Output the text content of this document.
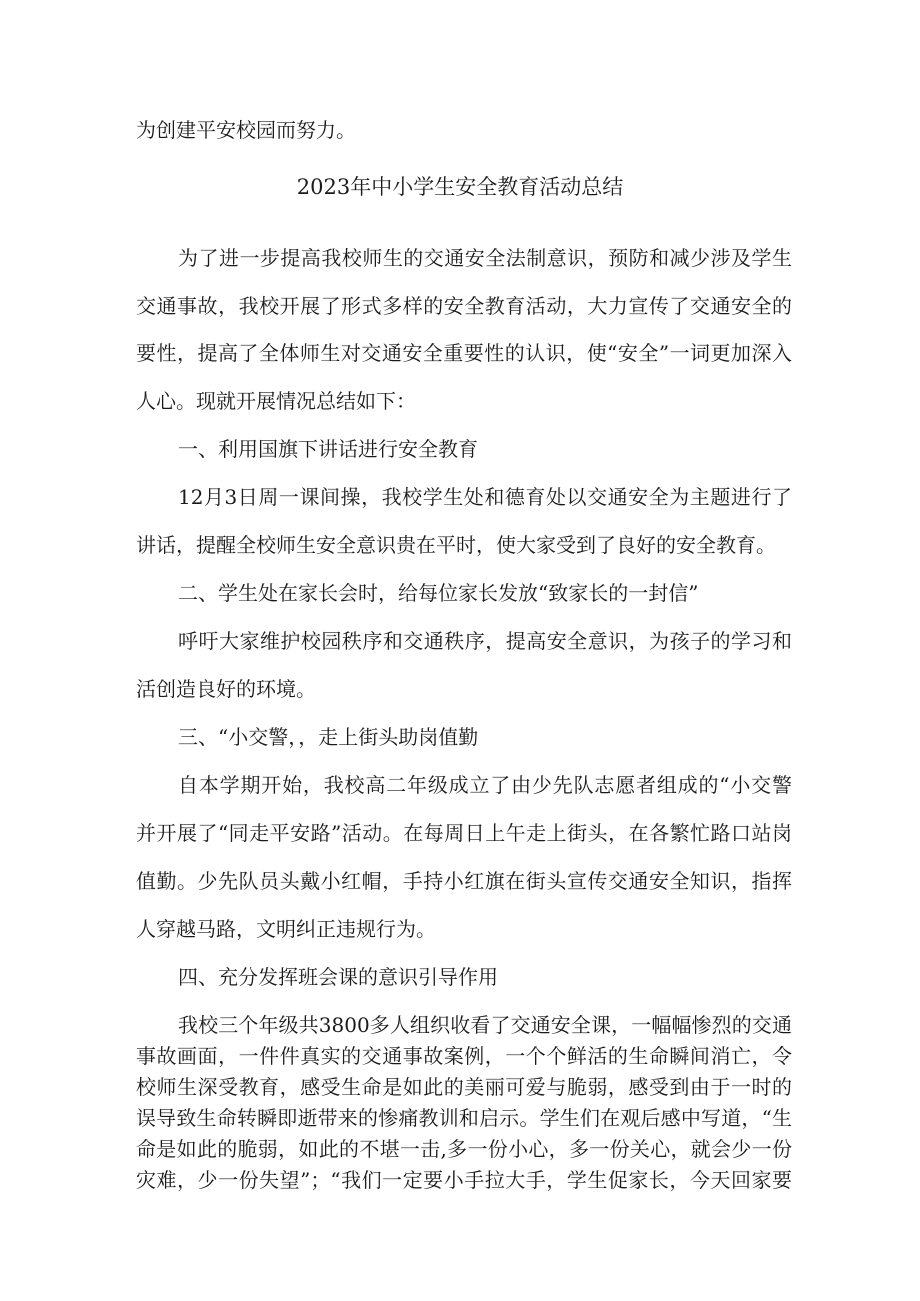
为创建平安校园而努力。
2023年中小学生安全教育活动总结
为了进一步提高我校师生的交通安全法制意识，预防和减少涉及学生
交通事故，我校开展了形式多样的安全教育活动，大力宣传了交通安全的
要性，提高了全体师生对交通安全重要性的认识，使“安全”一词更加深入
人心。现就开展情况总结如下：
一、利用国旗下讲话进行安全教育
12月3日周一课间操，我校学生处和德育处以交通安全为主题进行了
讲话，提醒全校师生安全意识贵在平时，使大家受到了良好的安全教育。
二、学生处在家长会时，给每位家长发放“致家长的一封信”
呼吁大家维护校园秩序和交通秩序，提高安全意识，为孩子的学习和
活创造良好的环境。
三、“小交警，，走上街头助岗值勤
自本学期开始，我校高二年级成立了由少先队志愿者组成的“小交警
并开展了“同走平安路”活动。在每周日上午走上街头，在各繁忙路口站岗
值勤。少先队员头戴小红帽，手持小红旗在街头宣传交通安全知识，指挥
人穿越马路，文明纠正违规行为。
四、充分发挥班会课的意识引导作用
我校三个年级共3800多人组织收看了交通安全课，一幅幅惨烈的交通
事故画面，一件件真实的交通事故案例，一个个鲜活的生命瞬间消亡，令
校师生深受教育，感受生命是如此的美丽可爱与脆弱，感受到由于一时的
误导致生命转瞬即逝带来的惨痛教训和启示。学生们在观后感中写道，“生
命是如此的脆弱，如此的不堪一击,多一份小心，多一份关心，就会少一份
灾难，少一份失望”；“我们一定要小手拉大手，学生促家长，今天回家要
